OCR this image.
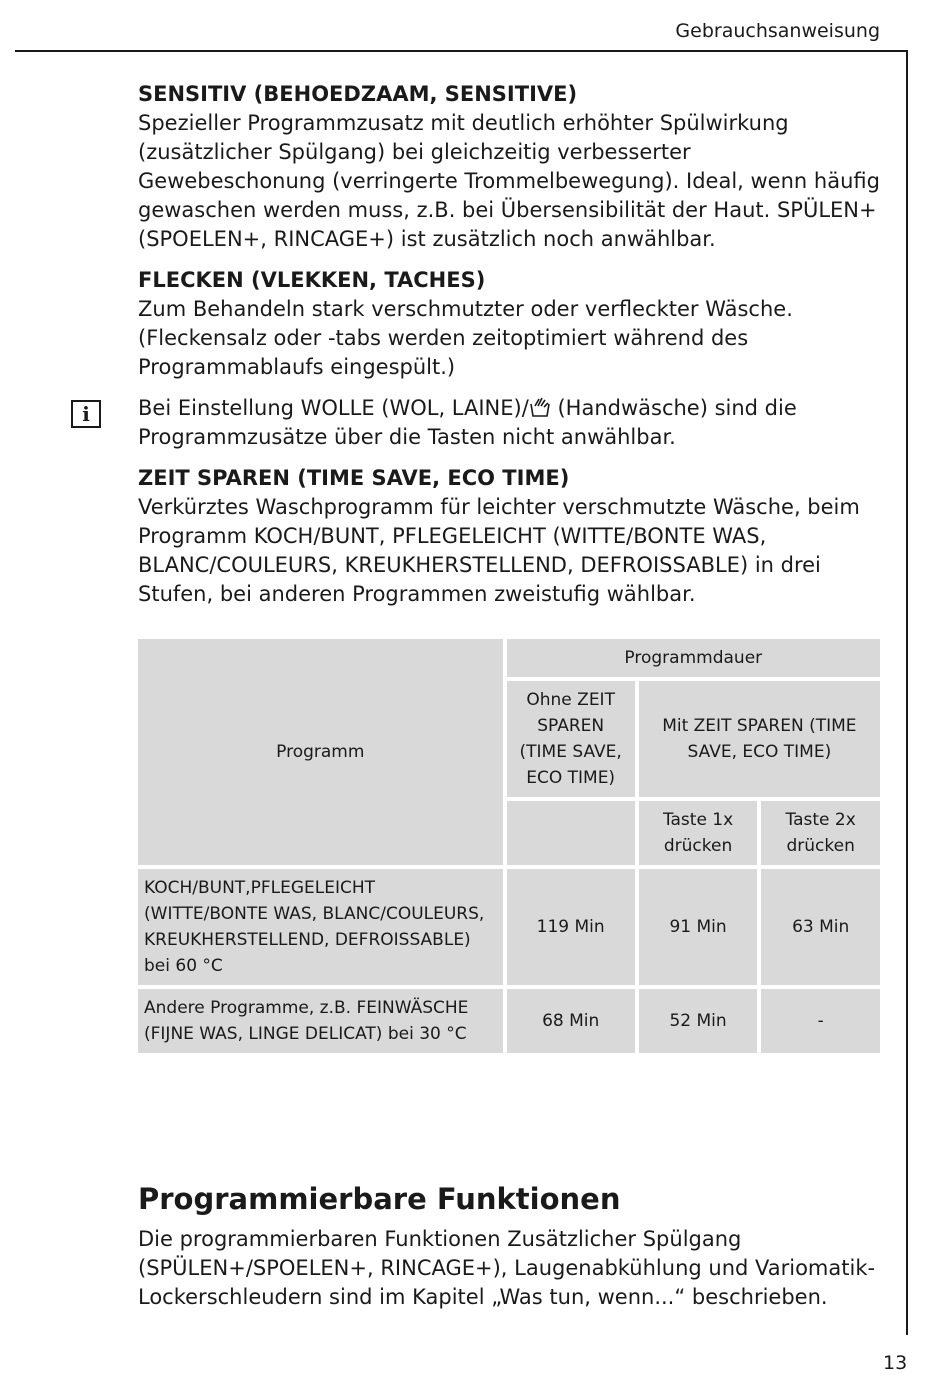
Gebrauchsanweisung

SENSITIV (BEHOEDZAAM, SENSITIVE)

Spezieller Programmzusatz mit deutlich erhöhter Spülwirkung (zusätzlicher Spülgang) bei gleichzeitig verbesserter Gewebeschonung (verringerte Trommelbewegung). Ideal, wenn häufig gewaschen werden muss, z.B. bei Übersensibilität der Haut. SPÜLEN+ (SPOELEN+, RINCAGE+) ist zusätzlich noch anwählbar.

FLECKEN (VLEKKEN, TACHES)

Zum Behandeln stark verschmutzter oder verfleckter Wäsche. (Fleckensalz oder -tabs werden zeitoptimiert während des Programmablaufs eingespült.)

i	Bei Einstellung WOLLE (WOL, LAINE)/ (Handwäsche) sind die Programmzusätze über die Tasten nicht anwählbar.

ZEIT SPAREN (TIME SAVE, ECO TIME)

Verkürztes Waschprogramm für leichter verschmutzte Wäsche, beim Programm KOCH/BUNT, PFLEGELEICHT (WITTE/BONTE WAS, BLANC/COULEURS, KREUKHERSTELLEND, DEFROISSABLE) in drei Stufen, bei anderen Programmen zweistufig wählbar.

Programm	Programmdauer		
	Ohne ZEIT SPAREN (TIME SAVE, ECO TIME)	Mit ZEIT SPAREN (TIME SAVE, ECO TIME)	
		Taste 1x drücken	Taste 2x drücken
KOCH/BUNT,PFLEGELEICHT (WITTE/BONTE WAS, BLANC/COULEURS, KREUKHERSTELLEND, DEFROISSABLE) bei 60 °C	119 Min	91 Min	63 Min
Andere Programme, z.B. FEINWÄSCHE (FIJNE WAS, LINGE DELICAT) bei 30 °C	68 Min	52 Min	-
Programmierbare Funktionen

Die programmierbaren Funktionen Zusätzlicher Spülgang (SPÜLEN+/SPOELEN+, RINCAGE+), Laugenabkühlung und Variomatik-Lockerschleudern sind im Kapitel „Was tun, wenn...“ beschrieben.

13
